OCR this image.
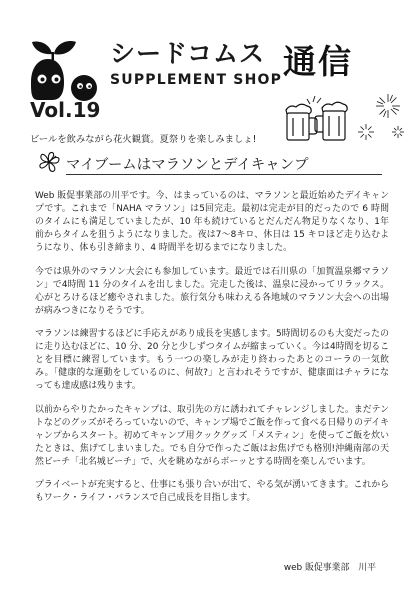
シードコムス
SUPPLEMENT SHOP 通信
Vol.19
ビールを飲みながら花火観賞。夏祭りを楽しみましょ!
マイブームはマラソンとデイキャンプ

Web 販促事業部の川平です。今、はまっているのは、マラソンと最近始めたデイキャンプです。これまで「NAHA マラソン」は5回完走。最初は完走が目的だったので 6 時間のタイムにも満足していましたが、10 年も続けているとだんだん物足りなくなり、1年前からタイムを狙うようになりました。夜は7～8キロ、休日は 15 キロほど走り込むようになり、体も引き締まり、4 時間半を切るまでになりました。

今では県外のマラソン大会にも参加しています。最近では石川県の「加賀温泉郷マラソン」で4時間 11 分のタイムを出しました。完走した後は、温泉に浸かってリラックス。心がとろけるほど癒やされました。旅行気分も味わえる各地域のマラソン大会への出場が病みつきになりそうです。

マラソンは練習するほどに手応えがあり成長を実感します。5時間切るのも大変だったのに走り込むほどに、10 分、20 分と少しずつタイムが縮まっていく。今は4時間を切ることを目標に練習しています。もう一つの楽しみが走り終わったあとのコーラの一気飲み。「健康的な運動をしているのに、何故?」と言われそうですが、健康面はチャラになっても達成感は残ります。

以前からやりたかったキャンプは、取引先の方に誘われてチャレンジしました。まだテントなどのグッズがそろっていないので、キャンプ場でご飯を作って食べる日帰りのデイキャンプからスタート。初めてキャンプ用クックグッズ「メスティン」を使ってご飯を炊いたときは、焦げてしまいました。でも自分で作ったご飯はお焦げでも格別!沖縄南部の天然ビーチ「北名城ビーチ」で、火を眺めながらボーッとする時間を楽しんでいます。

プライベートが充実すると、仕事にも張り合いが出て、やる気が湧いてきます。これからもワーク・ライフ・バランスで自己成長を目指します。

web 販促事業部　川平
